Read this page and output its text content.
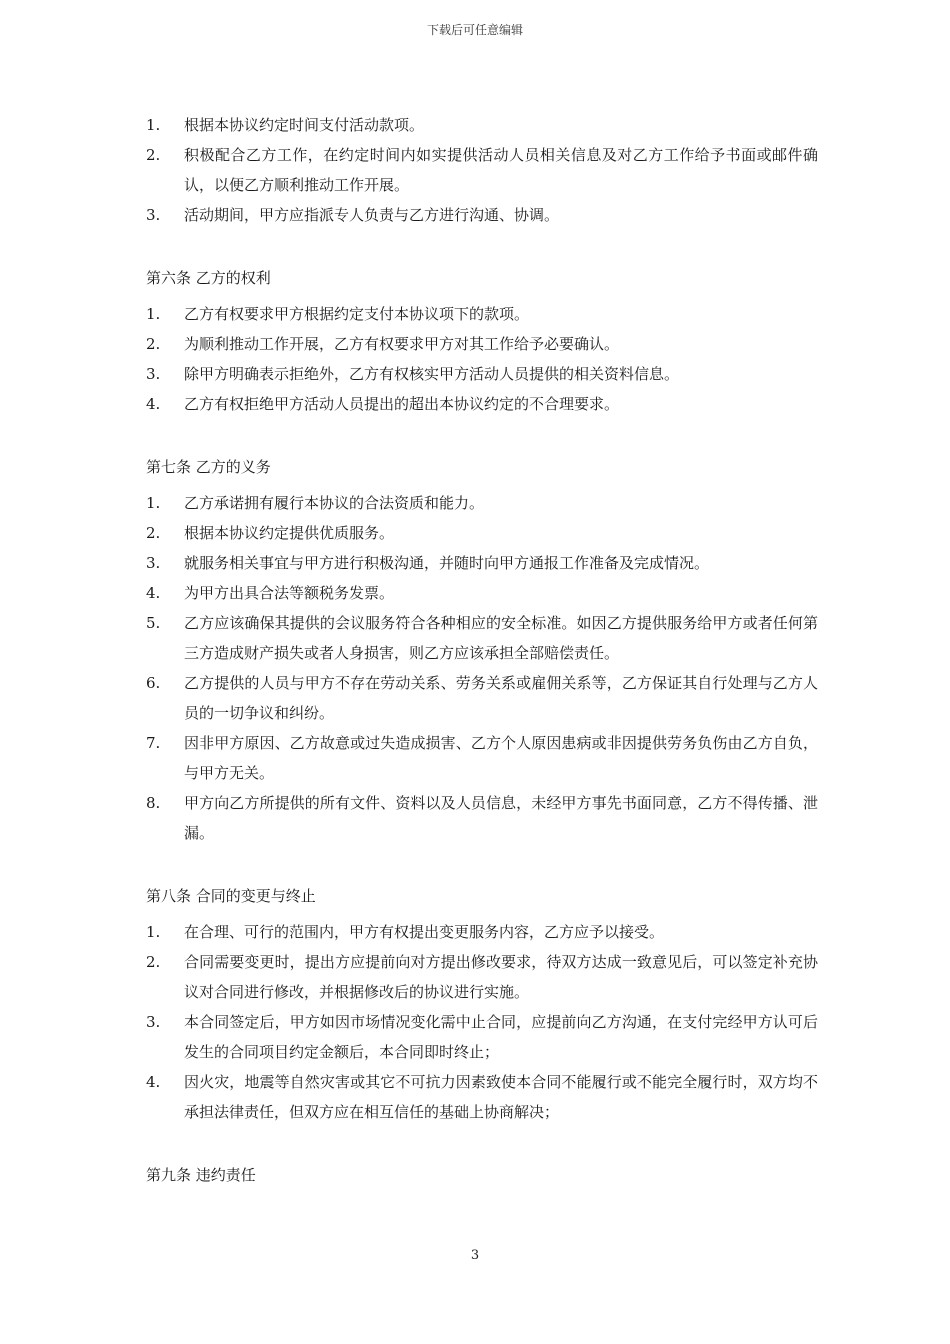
下载后可任意编辑
1.	根据本协议约定时间支付活动款项。
2.	积极配合乙方工作，在约定时间内如实提供活动人员相关信息及对乙方工作给予书面或邮件确认，以便乙方顺利推动工作开展。
3.	活动期间，甲方应指派专人负责与乙方进行沟通、协调。
第六条 乙方的权利
1.	乙方有权要求甲方根据约定支付本协议项下的款项。
2.	为顺利推动工作开展，乙方有权要求甲方对其工作给予必要确认。
3.	除甲方明确表示拒绝外，乙方有权核实甲方活动人员提供的相关资料信息。
4.	乙方有权拒绝甲方活动人员提出的超出本协议约定的不合理要求。
第七条 乙方的义务
1.	乙方承诺拥有履行本协议的合法资质和能力。
2.	根据本协议约定提供优质服务。
3.	就服务相关事宜与甲方进行积极沟通，并随时向甲方通报工作准备及完成情况。
4.	为甲方出具合法等额税务发票。
5.	乙方应该确保其提供的会议服务符合各种相应的安全标准。如因乙方提供服务给甲方或者任何第三方造成财产损失或者人身损害，则乙方应该承担全部赔偿责任。
6.	乙方提供的人员与甲方不存在劳动关系、劳务关系或雇佣关系等，乙方保证其自行处理与乙方人员的一切争议和纠纷。
7.	因非甲方原因、乙方故意或过失造成损害、乙方个人原因患病或非因提供劳务负伤由乙方自负，与甲方无关。
8.	甲方向乙方所提供的所有文件、资料以及人员信息，未经甲方事先书面同意，乙方不得传播、泄漏。
第八条 合同的变更与终止
1.	在合理、可行的范围内，甲方有权提出变更服务内容，乙方应予以接受。
2.	合同需要变更时，提出方应提前向对方提出修改要求，待双方达成一致意见后，可以签定补充协议对合同进行修改，并根据修改后的协议进行实施。
3.	本合同签定后，甲方如因市场情况变化需中止合同，应提前向乙方沟通，在支付完经甲方认可后发生的合同项目约定金额后，本合同即时终止；
4.	因火灾，地震等自然灾害或其它不可抗力因素致使本合同不能履行或不能完全履行时，双方均不承担法律责任，但双方应在相互信任的基础上协商解决；
第九条 违约责任
3
